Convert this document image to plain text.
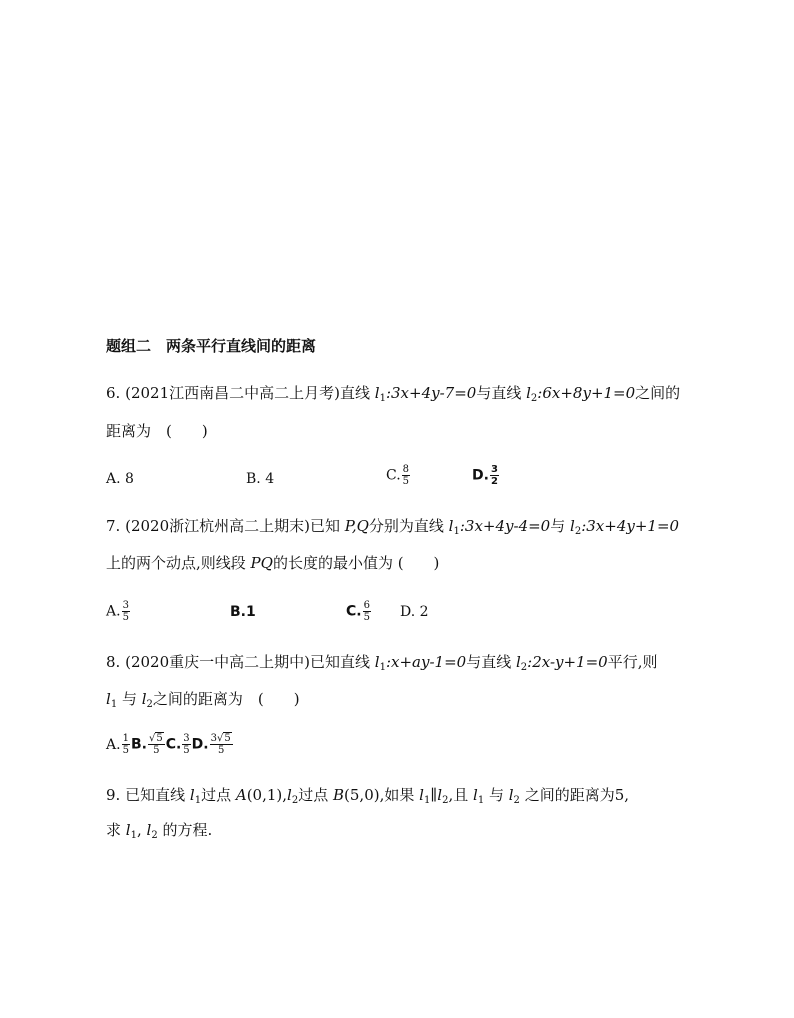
题组二　两条平行直线间的距离
6. (2021江西南昌二中高二上月考)直线 $l_1:3x+4y-7=0$与直线 $l_2:6x+8y+1=0$之间的
距离为　(　　)
A. 8	B. 4	C. $\frac{8}{5}$	D. $\frac{3}{2}$
7. (2020浙江杭州高二上期末)已知 P,Q分别为直线 $l_1:3x+4y-4=0$与 $l_2:3x+4y+1=0$
上的两个动点,则线段 PQ的长度的最小值为 (　　)
A. $\frac{3}{5}$	B.1	C. $\frac{6}{5} D$. 2
8. (2020重庆一中高二上期中)已知直线 $l_1:x+ay-1=0$与直线 $l_2:2x-y+1=0$平行,则
$l_1$ 与 $l_2$之间的距离为　(　　)
A. $\frac{1}{5} B$. $\frac{√5}{5} C$. $\frac{3}{5} D$. $\frac{3√5}{5}$
9. 已知直线 $l_1$过点 $A(0,1),l_2$过点 B(5,0),如果 $l_1\parallel l_2$,且 $l_1$ 与 $l_2$ 之间的距离为5,
求 $l_1$, $l_2$ 的方程.
